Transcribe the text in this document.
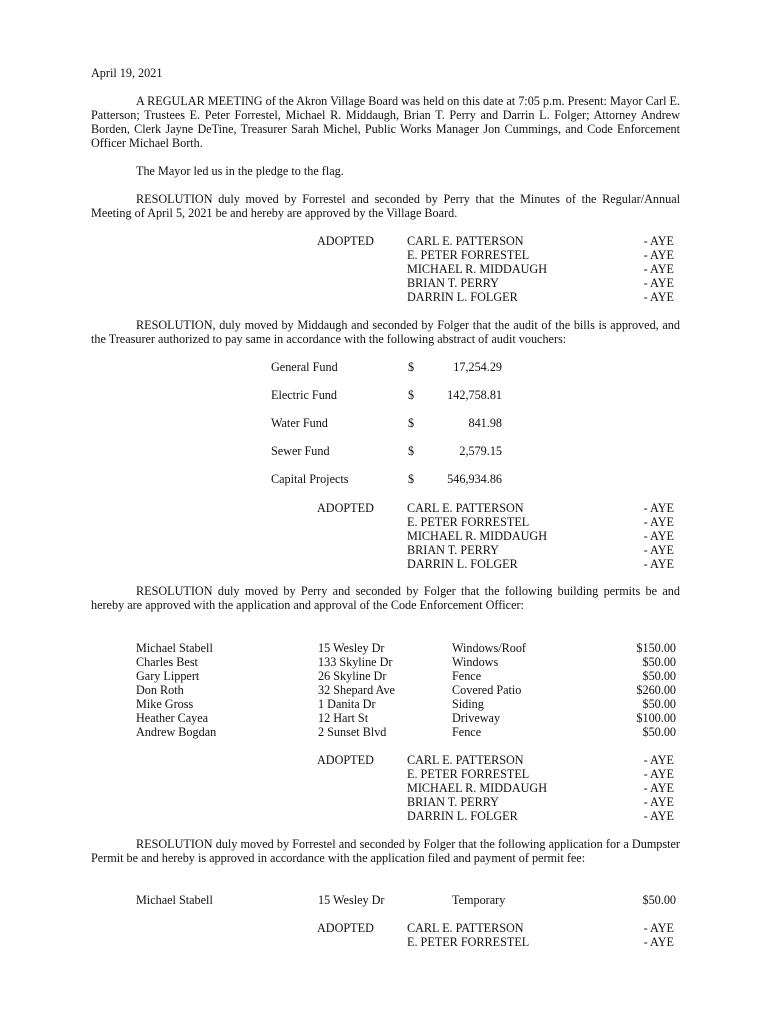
April 19, 2021
A REGULAR MEETING of the Akron Village Board was held on this date at 7:05 p.m. Present: Mayor Carl E. Patterson; Trustees E. Peter Forrestel, Michael R. Middaugh, Brian T. Perry and Darrin L. Folger; Attorney Andrew Borden, Clerk Jayne DeTine, Treasurer Sarah Michel, Public Works Manager Jon Cummings, and Code Enforcement Officer Michael Borth.
The Mayor led us in the pledge to the flag.
RESOLUTION duly moved by Forrestel and seconded by Perry that the Minutes of the Regular/Annual Meeting of April 5, 2021 be and hereby are approved by the Village Board.
ADOPTED	CARL E. PATTERSON	- AYE
E. PETER FORRESTEL	- AYE
MICHAEL R. MIDDAUGH	- AYE
BRIAN T. PERRY	- AYE
DARRIN L. FOLGER	- AYE
RESOLUTION, duly moved by Middaugh and seconded by Folger that the audit of the bills is approved, and the Treasurer authorized to pay same in accordance with the following abstract of audit vouchers:
General Fund	$	17,254.29
Electric Fund	$	142,758.81
Water Fund	$	841.98
Sewer Fund	$	2,579.15
Capital Projects	$	546,934.86
ADOPTED	CARL E. PATTERSON	- AYE
E. PETER FORRESTEL	- AYE
MICHAEL R. MIDDAUGH	- AYE
BRIAN T. PERRY	- AYE
DARRIN L. FOLGER	- AYE
RESOLUTION duly moved by Perry and seconded by Folger that the following building permits be and hereby are approved with the application and approval of the Code Enforcement Officer:
Michael Stabell	15 Wesley Dr	Windows/Roof	$150.00
Charles Best	133 Skyline Dr	Windows	$50.00
Gary Lippert	26 Skyline Dr	Fence	$50.00
Don Roth	32 Shepard Ave	Covered Patio	$260.00
Mike Gross	1 Danita Dr	Siding	$50.00
Heather Cayea	12 Hart St	Driveway	$100.00
Andrew Bogdan	2 Sunset Blvd	Fence	$50.00
ADOPTED	CARL E. PATTERSON	- AYE
E. PETER FORRESTEL	- AYE
MICHAEL R. MIDDAUGH	- AYE
BRIAN T. PERRY	- AYE
DARRIN L. FOLGER	- AYE
RESOLUTION duly moved by Forrestel and seconded by Folger that the following application for a Dumpster Permit be and hereby is approved in accordance with the application filed and payment of permit fee:
Michael Stabell	15 Wesley Dr	Temporary	$50.00
ADOPTED	CARL E. PATTERSON	- AYE
E. PETER FORRESTEL	- AYE
